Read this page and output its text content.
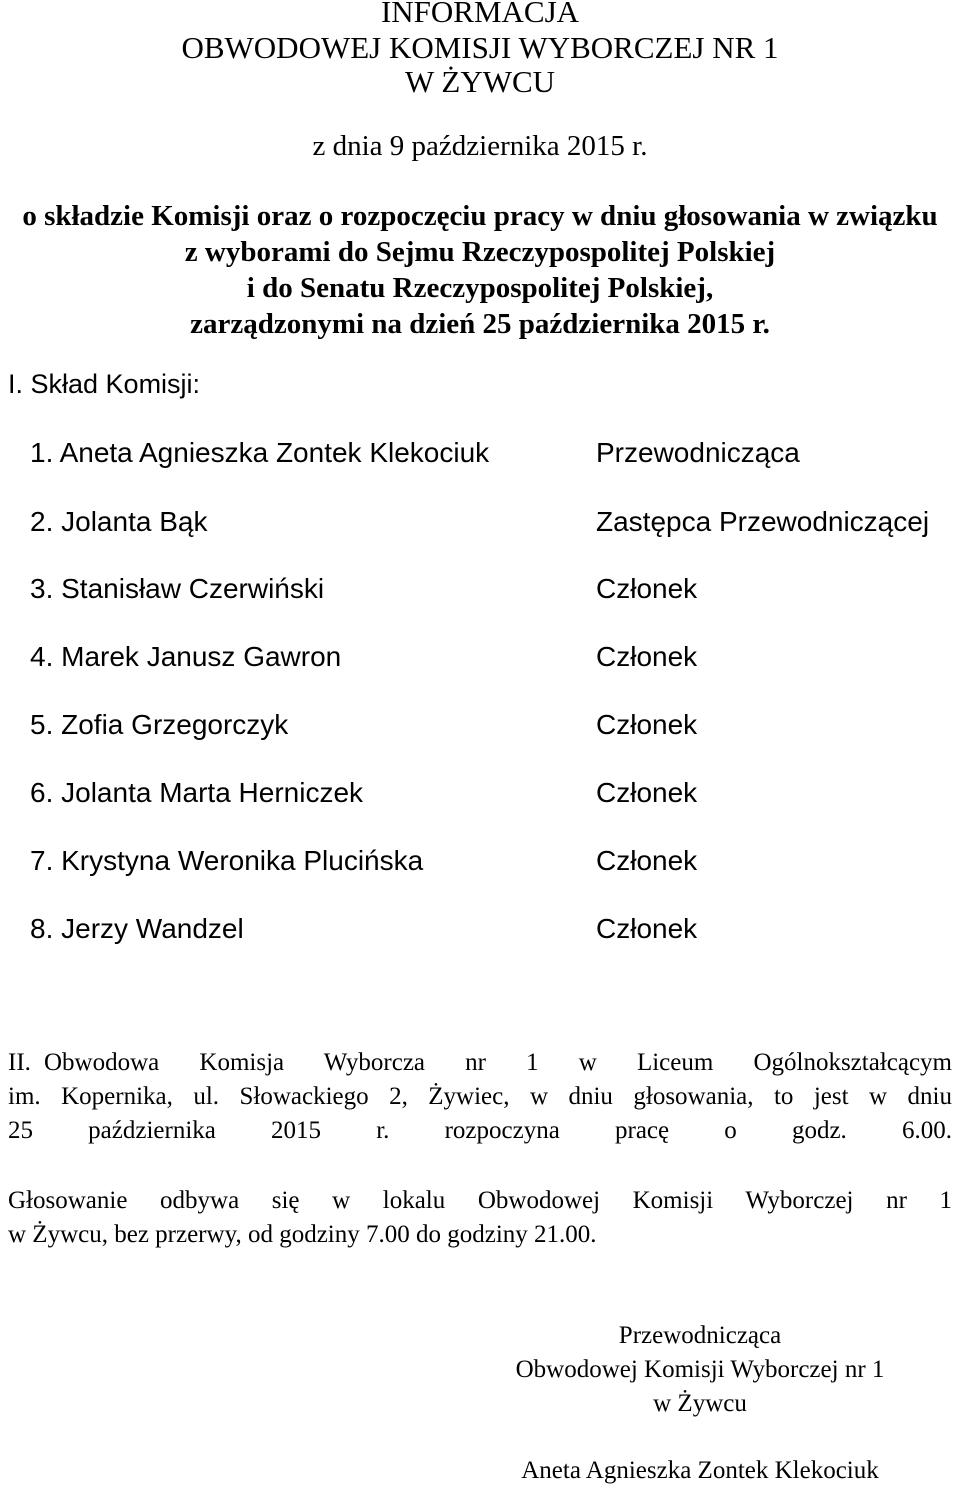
INFORMACJA
OBWODOWEJ KOMISJI WYBORCZEJ NR 1
W ŻYWCU
z dnia 9 października 2015 r.
o składzie Komisji oraz o rozpoczęciu pracy w dniu głosowania w związku
z wyborami do Sejmu Rzeczypospolitej Polskiej
i do Senatu Rzeczypospolitej Polskiej,
zarządzonymi na dzień 25 października 2015 r.
I. Skład Komisji:
1. Aneta Agnieszka Zontek Klekociuk	Przewodnicząca
2. Jolanta Bąk	Zastępca Przewodniczącej
3. Stanisław Czerwiński	Członek
4. Marek Janusz Gawron	Członek
5. Zofia Grzegorczyk	Członek
6. Jolanta Marta Herniczek	Członek
7. Krystyna Weronika Plucińska	Członek
8. Jerzy Wandzel	Członek
II. Obwodowa Komisja Wyborcza nr 1 w Liceum Ogólnokształcącym
im. Kopernika, ul. Słowackiego 2, Żywiec, w dniu głosowania, to jest w dniu
25 października 2015 r. rozpoczyna pracę o godz. 6.00.
Głosowanie odbywa się w lokalu Obwodowej Komisji Wyborczej nr 1
w Żywcu, bez przerwy, od godziny 7.00 do godziny 21.00.
Przewodnicząca
Obwodowej Komisji Wyborczej nr 1
w Żywcu
Aneta Agnieszka Zontek Klekociuk
